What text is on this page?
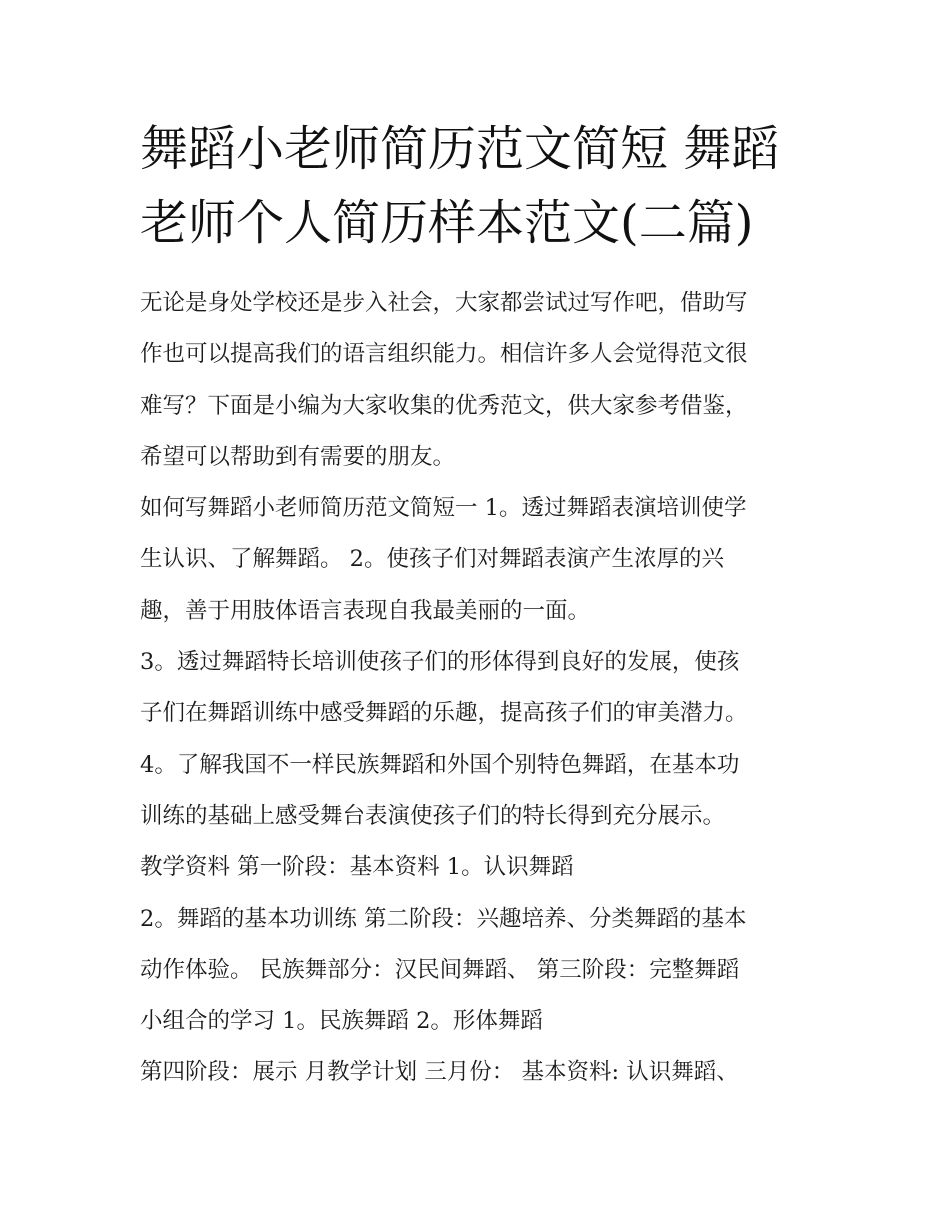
舞蹈小老师简历范文简短 舞蹈
老师个人简历样本范文(二篇)
无论是身处学校还是步入社会，大家都尝试过写作吧，借助写
作也可以提高我们的语言组织能力。相信许多人会觉得范文很
难写？下面是小编为大家收集的优秀范文，供大家参考借鉴，
希望可以帮助到有需要的朋友。
如何写舞蹈小老师简历范文简短一 1。透过舞蹈表演培训使学
生认识、了解舞蹈。 2。使孩子们对舞蹈表演产生浓厚的兴
趣，善于用肢体语言表现自我最美丽的一面。
3。透过舞蹈特长培训使孩子们的形体得到良好的发展，使孩
子们在舞蹈训练中感受舞蹈的乐趣，提高孩子们的审美潜力。
4。了解我国不一样民族舞蹈和外国个别特色舞蹈，在基本功
训练的基础上感受舞台表演使孩子们的特长得到充分展示。
教学资料 第一阶段：基本资料 1。认识舞蹈
2。舞蹈的基本功训练 第二阶段：兴趣培养、分类舞蹈的基本
动作体验。 民族舞部分：汉民间舞蹈、 第三阶段：完整舞蹈
小组合的学习 1。民族舞蹈 2。形体舞蹈
第四阶段：展示 月教学计划 三月份： 基本资料: 认识舞蹈、
